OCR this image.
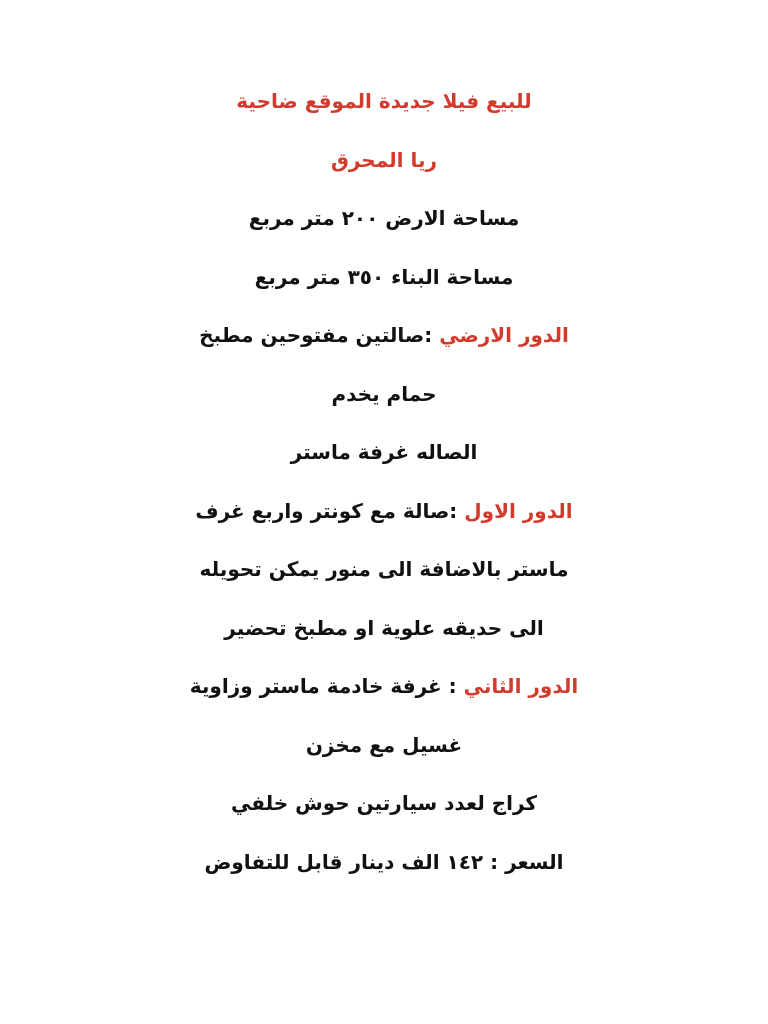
للبيع فيلا جديدة الموقع ضاحية
ريا المحرق
مساحة الارض ٢٠٠ متر مربع
مساحة البناء ٣٥٠ متر مربع
الدور الارضي :صالتين مفتوحين مطبخ
حمام يخدم
الصاله غرفة ماستر
الدور الاول :صالة مع كونتر واربع غرف
ماستر بالاضافة الى منور يمكن تحويله
الى حديقه علوية او مطبخ تحضير
الدور الثاني : غرفة خادمة ماستر وزاوية
غسيل مع مخزن
كراج لعدد سيارتين حوش خلفي
السعر : ١٤٢ الف دينار قابل للتفاوض
